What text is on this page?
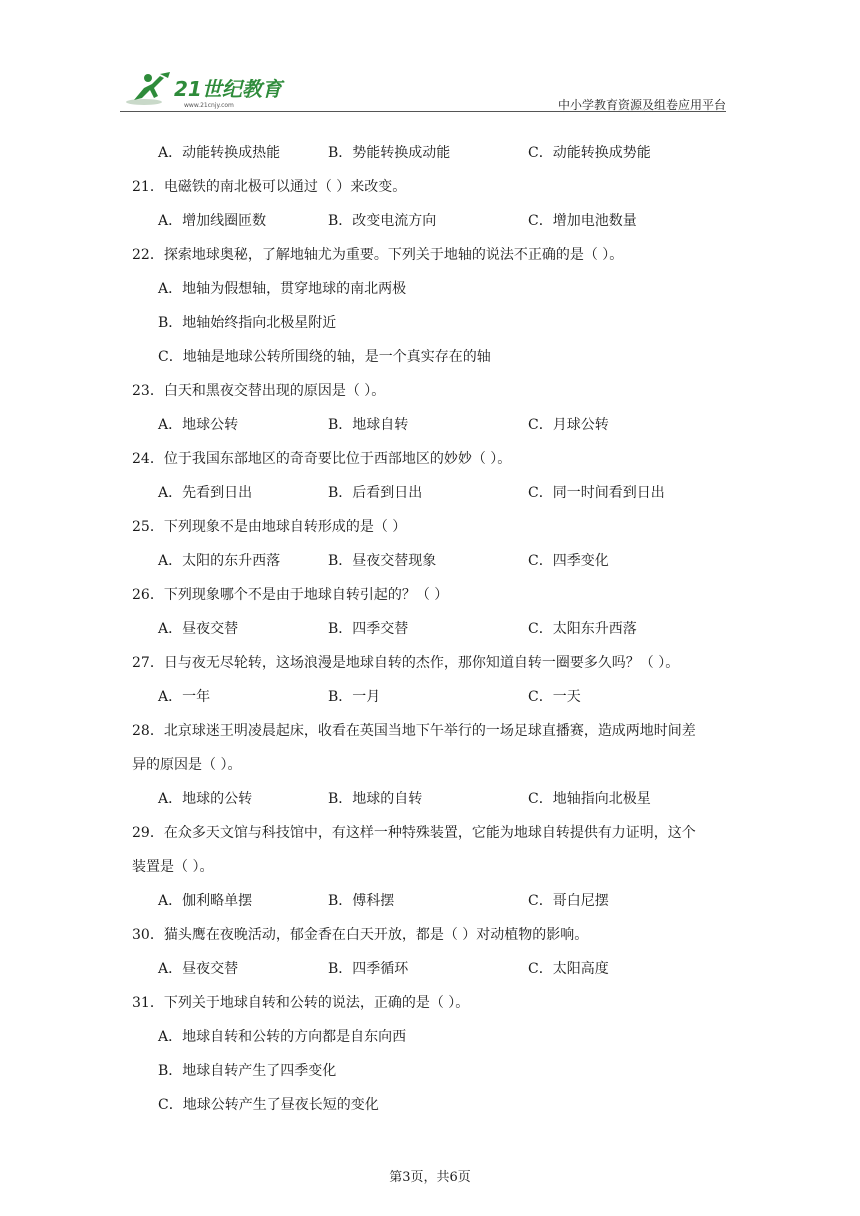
21世纪教育
www.21cnjy.com	中小学教育资源及组卷应用平台
A．动能转换成热能	B．势能转换成动能	C．动能转换成势能
21．电磁铁的南北极可以通过（ ）来改变。
A．增加线圈匝数	B．改变电流方向	C．增加电池数量
22．探索地球奥秘，了解地轴尤为重要。下列关于地轴的说法不正确的是（ ）。
A．地轴为假想轴，贯穿地球的南北两极
B．地轴始终指向北极星附近
C．地轴是地球公转所围绕的轴，是一个真实存在的轴
23．白天和黑夜交替出现的原因是（ ）。
A．地球公转	B．地球自转	C．月球公转
24．位于我国东部地区的奇奇要比位于西部地区的妙妙（ ）。
A．先看到日出	B．后看到日出	C．同一时间看到日出
25．下列现象不是由地球自转形成的是（ ）
A．太阳的东升西落	B．昼夜交替现象	C．四季变化
26．下列现象哪个不是由于地球自转引起的？（ ）
A．昼夜交替	B．四季交替	C．太阳东升西落
27．日与夜无尽轮转，这场浪漫是地球自转的杰作，那你知道自转一圈要多久吗？（ ）。
A．一年	B．一月	C．一天
28．北京球迷王明凌晨起床，收看在英国当地下午举行的一场足球直播赛，造成两地时间差
异的原因是（ ）。
A．地球的公转	B．地球的自转	C．地轴指向北极星
29．在众多天文馆与科技馆中，有这样一种特殊装置，它能为地球自转提供有力证明，这个
装置是（ ）。
A．伽利略单摆	B．傅科摆	C．哥白尼摆
30．猫头鹰在夜晚活动，郁金香在白天开放，都是（ ）对动植物的影响。
A．昼夜交替	B．四季循环	C．太阳高度
31．下列关于地球自转和公转的说法，正确的是（ ）。
A．地球自转和公转的方向都是自东向西
B．地球自转产生了四季变化
C．地球公转产生了昼夜长短的变化
第3页，共6页
